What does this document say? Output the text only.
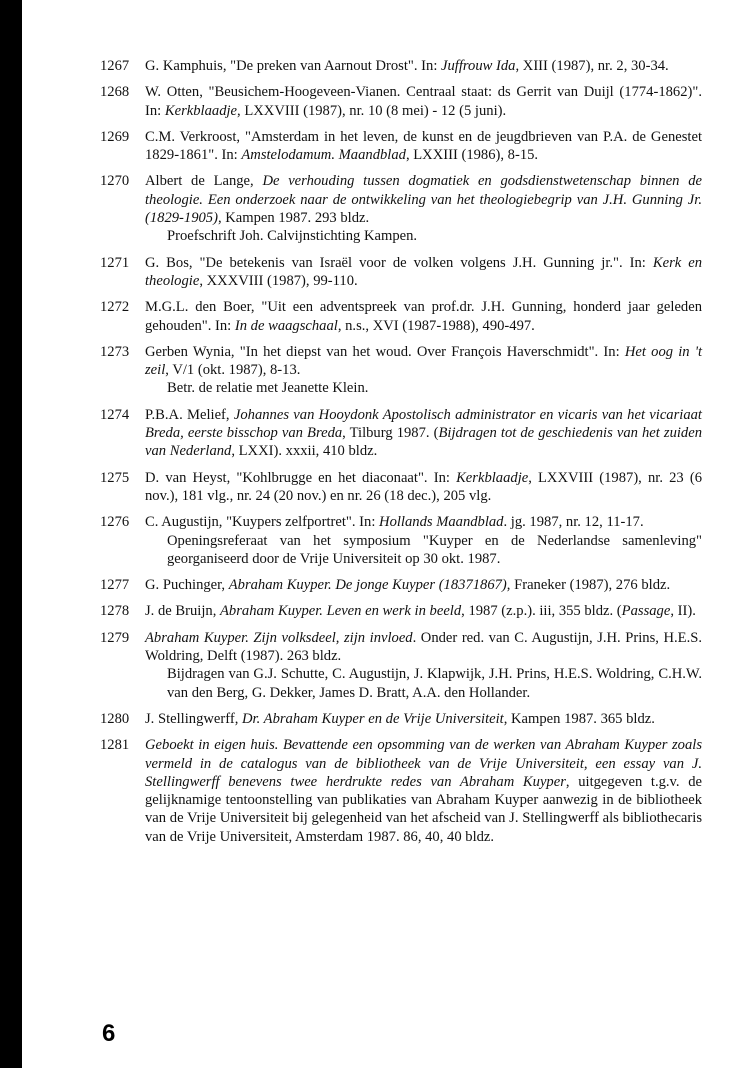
1267	G. Kamphuis, "De preken van Aarnout Drost". In: Juffrouw Ida, XIII (1987), nr. 2, 30-34.
1268	W. Otten, "Beusichem-Hoogeveen-Vianen. Centraal staat: ds Gerrit van Duijl (1774-1862)". In: Kerkblaadje, LXXVIII (1987), nr. 10 (8 mei) - 12 (5 juni).
1269	C.M. Verkroost, "Amsterdam in het leven, de kunst en de jeugdbrieven van P.A. de Genestet 1829-1861". In: Amstelodamum. Maandblad, LXXIII (1986), 8-15.
1270	Albert de Lange, De verhouding tussen dogmatiek en godsdienstwetenschap binnen de theologie. Een onderzoek naar de ontwikkeling van het theologiebegrip van J.H. Gunning Jr. (1829-1905), Kampen 1987. 293 bldz.
Proefschrift Joh. Calvijnstichting Kampen.
1271	G. Bos, "De betekenis van Israël voor de volken volgens J.H. Gunning jr.". In: Kerk en theologie, XXXVIII (1987), 99-110.
1272	M.G.L. den Boer, "Uit een adventspreek van prof.dr. J.H. Gunning, honderd jaar geleden gehouden". In: In de waagschaal, n.s., XVI (1987-1988), 490-497.
1273	Gerben Wynia, "In het diepst van het woud. Over François Haverschmidt". In: Het oog in 't zeil, V/1 (okt. 1987), 8-13.
Betr. de relatie met Jeanette Klein.
1274	P.B.A. Melief, Johannes van Hooydonk Apostolisch administrator en vicaris van het vicariaat Breda, eerste bisschop van Breda, Tilburg 1987. (Bijdragen tot de geschiedenis van het zuiden van Nederland, LXXI). xxxii, 410 bldz.
1275	D. van Heyst, "Kohlbrugge en het diaconaat". In: Kerkblaadje, LXXVIII (1987), nr. 23 (6 nov.), 181 vlg., nr. 24 (20 nov.) en nr. 26 (18 dec.), 205 vlg.
1276	C. Augustijn, "Kuypers zelfportret". In: Hollands Maandblad. jg. 1987, nr. 12, 11-17.
Openingsreferaat van het symposium "Kuyper en de Nederlandse samenleving" georganiseerd door de Vrije Universiteit op 30 okt. 1987.
1277	G. Puchinger, Abraham Kuyper. De jonge Kuyper (18371867), Franeker (1987), 276 bldz.
1278	J. de Bruijn, Abraham Kuyper. Leven en werk in beeld, 1987 (z.p.). iii, 355 bldz. (Passage, II).
1279	Abraham Kuyper. Zijn volksdeel, zijn invloed. Onder red. van C. Augustijn, J.H. Prins, H.E.S. Woldring, Delft (1987). 263 bldz.
Bijdragen van G.J. Schutte, C. Augustijn, J. Klapwijk, J.H. Prins, H.E.S. Woldring, C.H.W. van den Berg, G. Dekker, James D. Bratt, A.A. den Hollander.
1280	J. Stellingwerff, Dr. Abraham Kuyper en de Vrije Universiteit, Kampen 1987. 365 bldz.
1281	Geboekt in eigen huis. Bevattende een opsomming van de werken van Abraham Kuyper zoals vermeld in de catalogus van de bibliotheek van de Vrije Universiteit, een essay van J. Stellingwerff benevens twee herdrukte redes van Abraham Kuyper, uitgegeven t.g.v. de gelijknamige tentoonstelling van publikaties van Abraham Kuyper aanwezig in de bibliotheek van de Vrije Universiteit bij gelegenheid van het afscheid van J. Stellingwerff als bibliothecaris van de Vrije Universiteit, Amsterdam 1987. 86, 40, 40 bldz.
6
